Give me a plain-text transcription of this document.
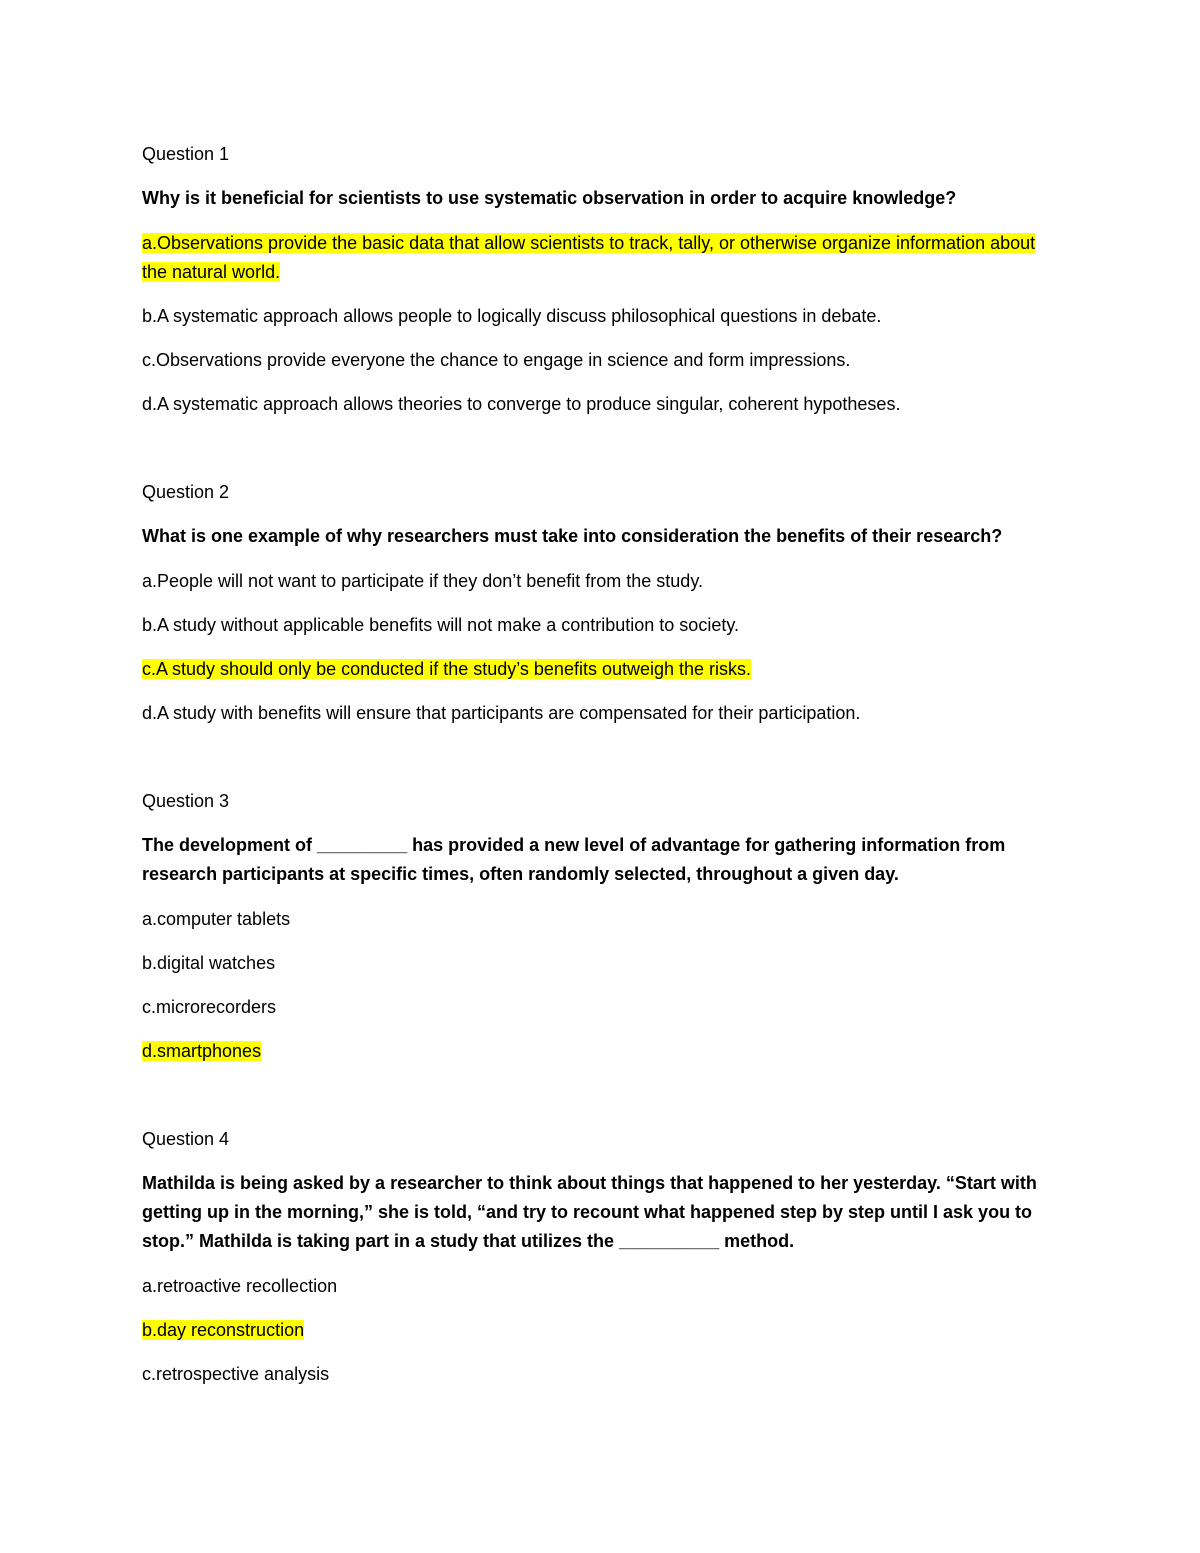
Question 1

Why is it beneficial for scientists to use systematic observation in order to acquire knowledge?

a.Observations provide the basic data that allow scientists to track, tally, or otherwise organize information about the natural world.

b.A systematic approach allows people to logically discuss philosophical questions in debate.

c.Observations provide everyone the chance to engage in science and form impressions.

d.A systematic approach allows theories to converge to produce singular, coherent hypotheses.

Question 2

What is one example of why researchers must take into consideration the benefits of their research?

a.People will not want to participate if they don’t benefit from the study.

b.A study without applicable benefits will not make a contribution to society.

c.A study should only be conducted if the study’s benefits outweigh the risks.

d.A study with benefits will ensure that participants are compensated for their participation.

Question 3

The development of _________ has provided a new level of advantage for gathering information from research participants at specific times, often randomly selected, throughout a given day.

a.computer tablets

b.digital watches

c.microrecorders

d.smartphones

Question 4

Mathilda is being asked by a researcher to think about things that happened to her yesterday. “Start with getting up in the morning,” she is told, “and try to recount what happened step by step until I ask you to stop.” Mathilda is taking part in a study that utilizes the __________ method.

a.retroactive recollection

b.day reconstruction

c.retrospective analysis
